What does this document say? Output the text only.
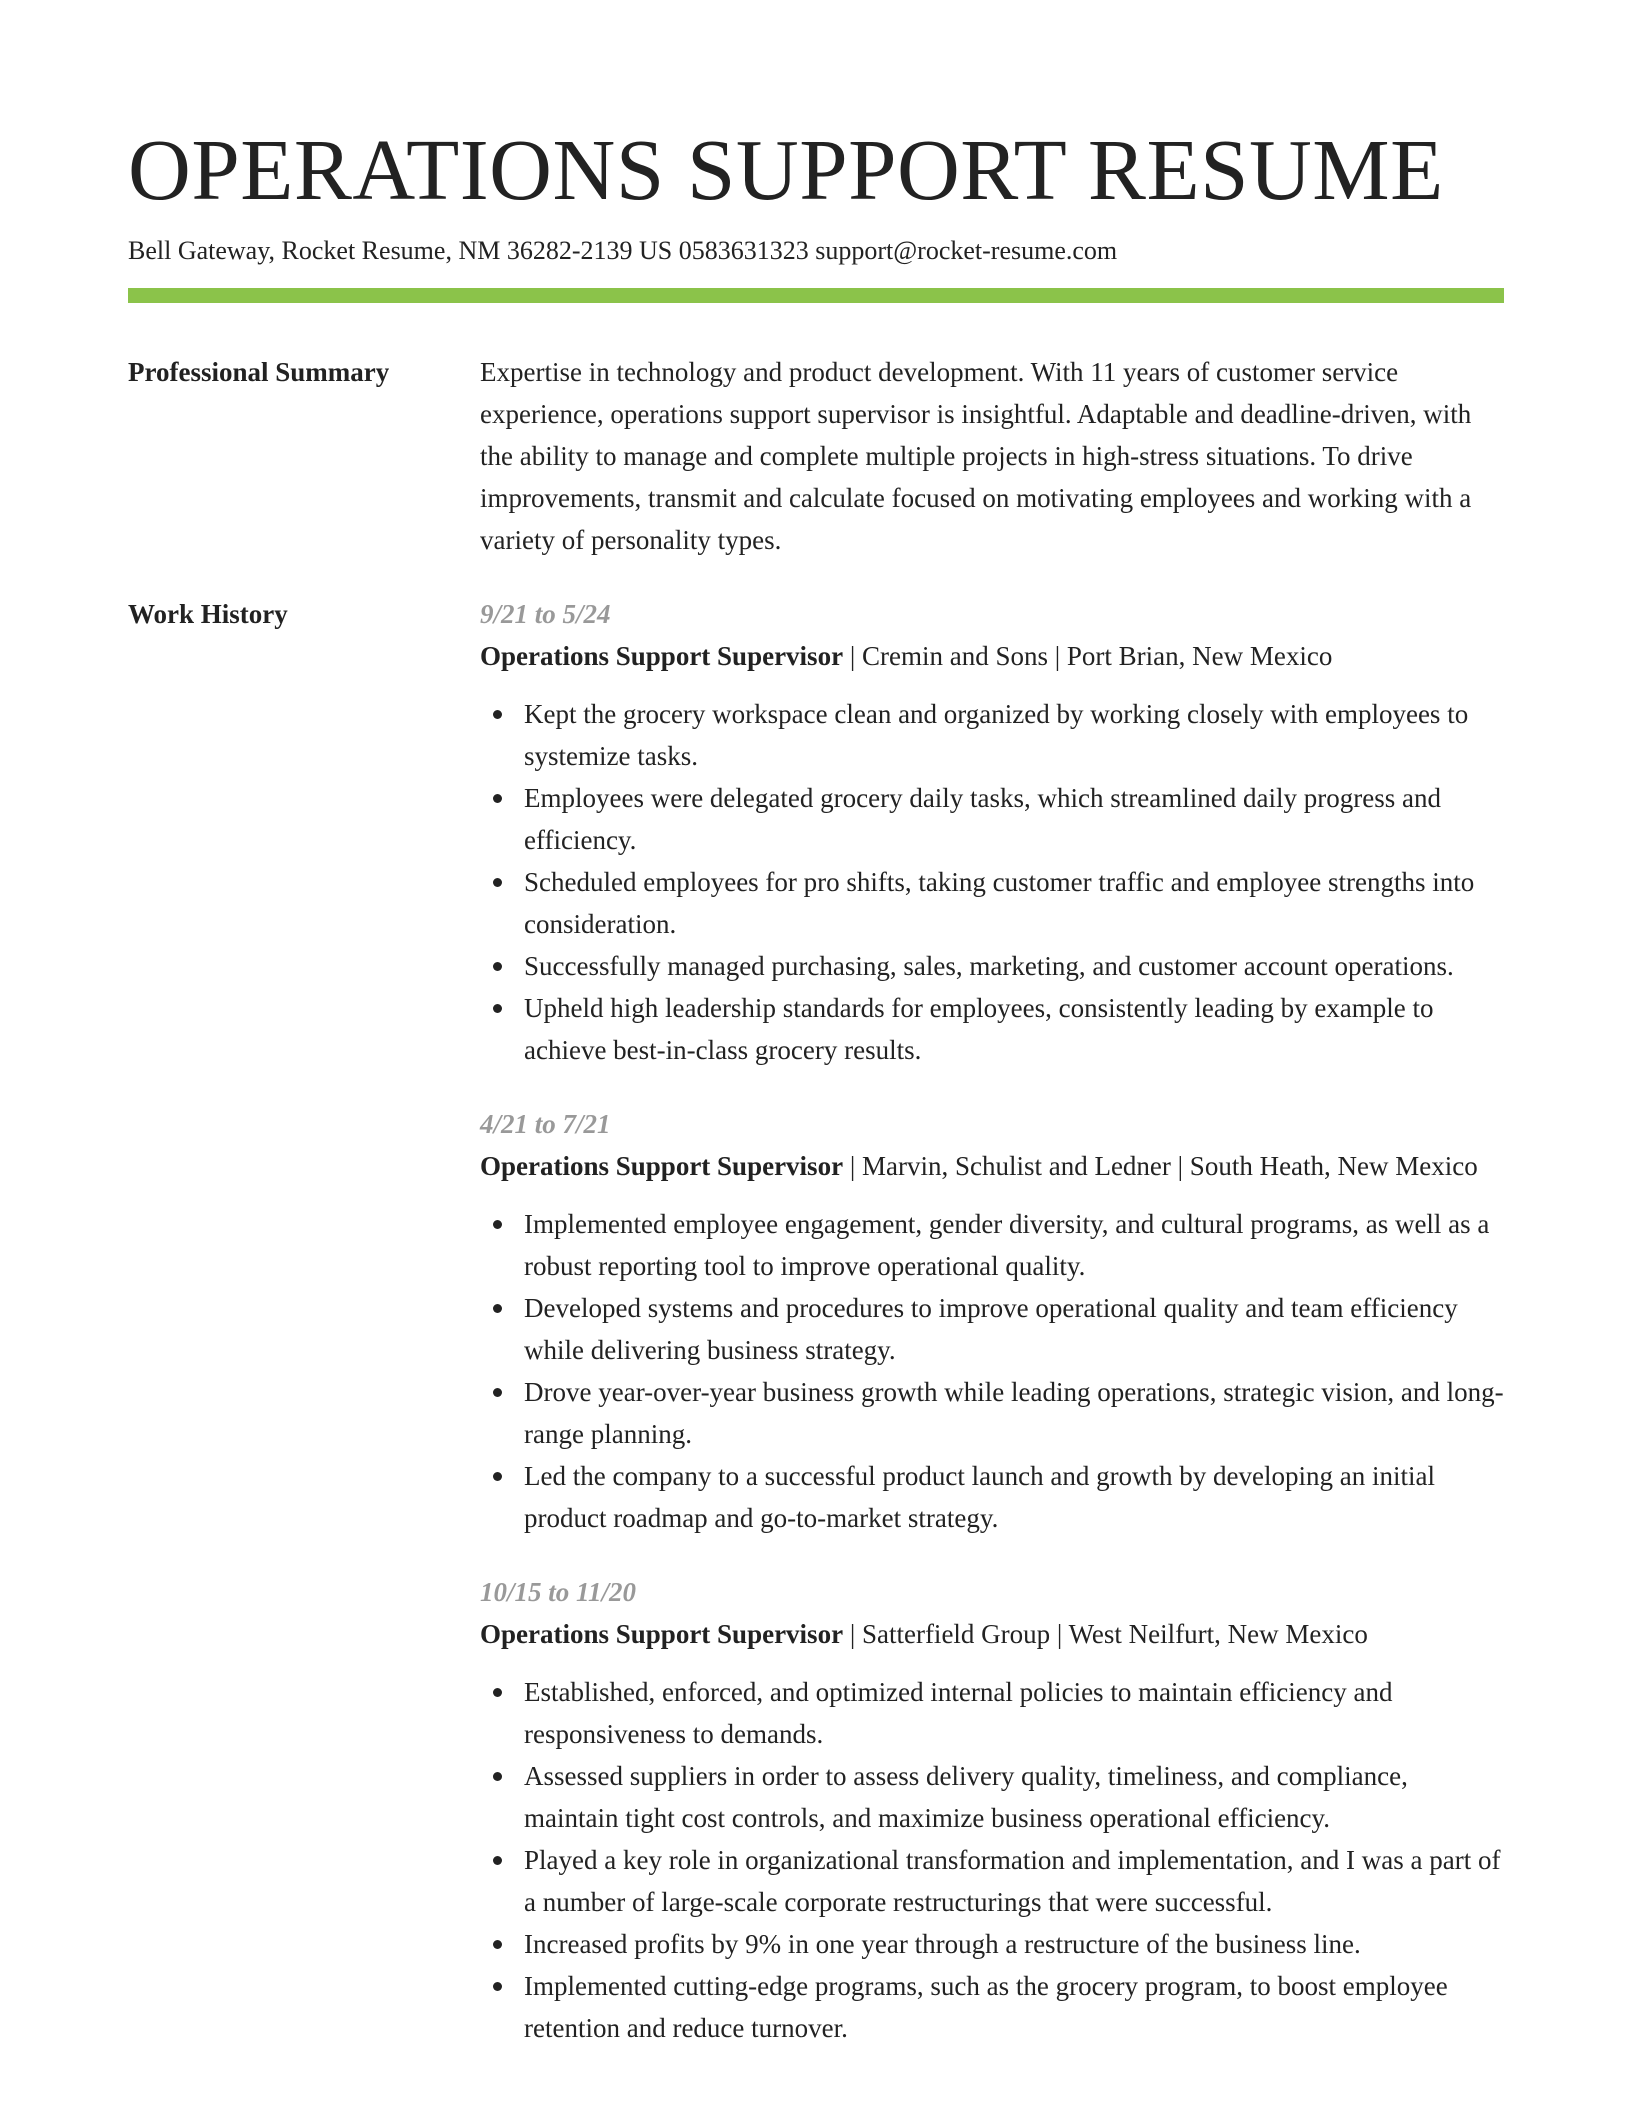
OPERATIONS SUPPORT RESUME
Bell Gateway, Rocket Resume, NM 36282-2139 US 0583631323 support@rocket-resume.com
Professional Summary	Expertise in technology and product development. With 11 years of customer service experience, operations support supervisor is insightful. Adaptable and deadline-driven, with the ability to manage and complete multiple projects in high-stress situations. To drive improvements, transmit and calculate focused on motivating employees and working with a variety of personality types.
Work History	9/21 to 5/24
Operations Support Supervisor | Cremin and Sons | Port Brian, New Mexico
Kept the grocery workspace clean and organized by working closely with employees to systemize tasks.
Employees were delegated grocery daily tasks, which streamlined daily progress and efficiency.
Scheduled employees for pro shifts, taking customer traffic and employee strengths into consideration.
Successfully managed purchasing, sales, marketing, and customer account operations.
Upheld high leadership standards for employees, consistently leading by example to achieve best-in-class grocery results.
4/21 to 7/21
Operations Support Supervisor | Marvin, Schulist and Ledner | South Heath, New Mexico
Implemented employee engagement, gender diversity, and cultural programs, as well as a robust reporting tool to improve operational quality.
Developed systems and procedures to improve operational quality and team efficiency while delivering business strategy.
Drove year-over-year business growth while leading operations, strategic vision, and long-range planning.
Led the company to a successful product launch and growth by developing an initial product roadmap and go-to-market strategy.
10/15 to 11/20
Operations Support Supervisor | Satterfield Group | West Neilfurt, New Mexico
Established, enforced, and optimized internal policies to maintain efficiency and responsiveness to demands.
Assessed suppliers in order to assess delivery quality, timeliness, and compliance, maintain tight cost controls, and maximize business operational efficiency.
Played a key role in organizational transformation and implementation, and I was a part of a number of large-scale corporate restructurings that were successful.
Increased profits by 9% in one year through a restructure of the business line.
Implemented cutting-edge programs, such as the grocery program, to boost employee retention and reduce turnover.
